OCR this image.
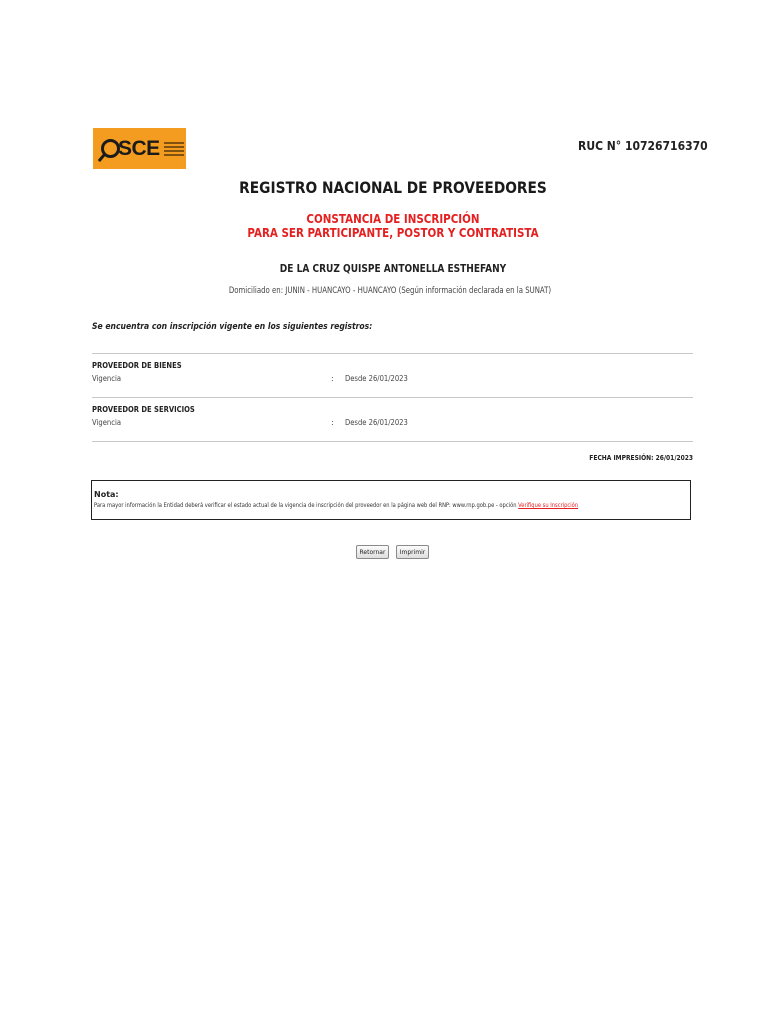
SCE	RUC N° 10726716370
REGISTRO NACIONAL DE PROVEEDORES
CONSTANCIA DE INSCRIPCIÓN
PARA SER PARTICIPANTE, POSTOR Y CONTRATISTA
DE LA CRUZ QUISPE ANTONELLA ESTHEFANY
Domiciliado en: JUNIN - HUANCAYO - HUANCAYO (Según información declarada en la SUNAT)
Se encuentra con inscripción vigente en los siguientes registros:
PROVEEDOR DE BIENES
Vigencia	: Desde 26/01/2023
PROVEEDOR DE SERVICIOS
Vigencia	: Desde 26/01/2023
FECHA IMPRESIÓN: 26/01/2023
Nota:
Para mayor información la Entidad deberá verificar el estado actual de la vigencia de inscripción del proveedor en la página web del RNP: www.rnp.gob.pe - opción Verifique su Inscripción
Retornar	Imprimir
